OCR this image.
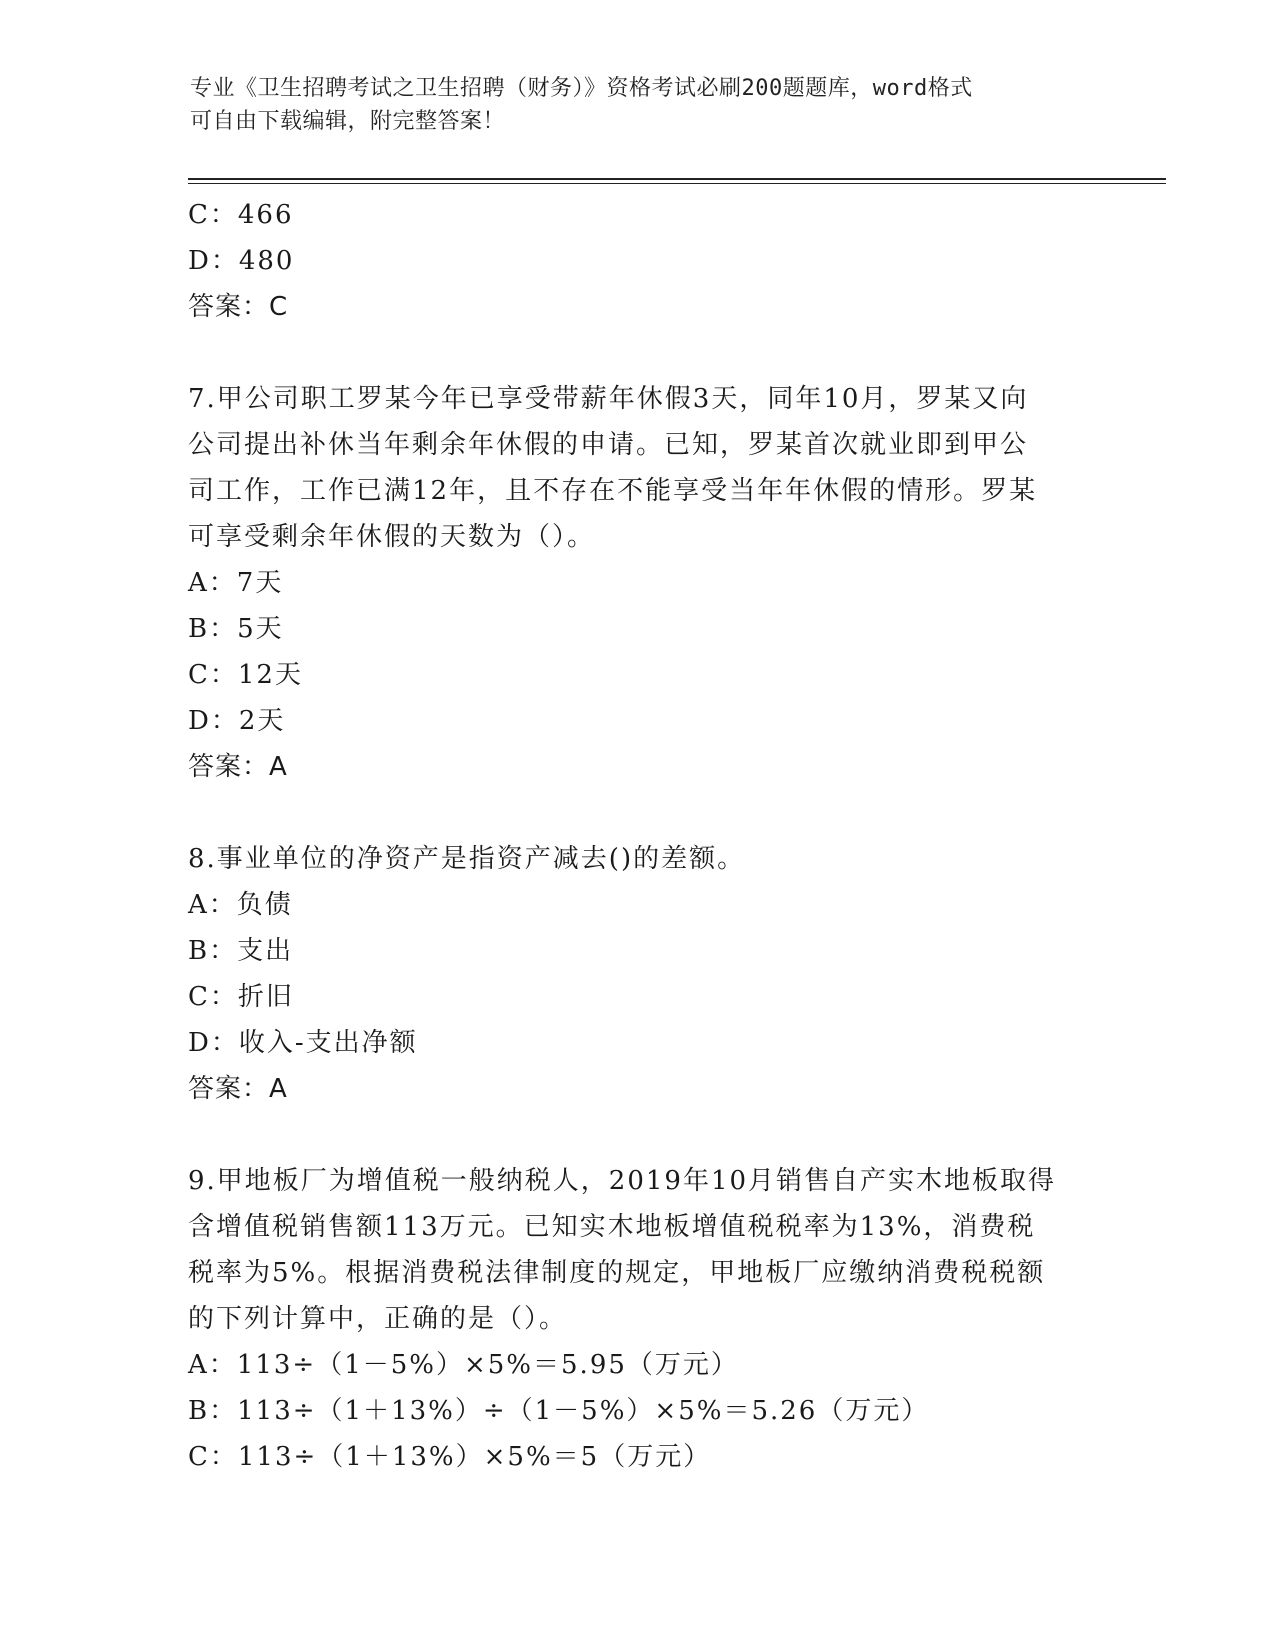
专业《卫生招聘考试之卫生招聘（财务）》资格考试必刷200题题库，word格式
可自由下载编辑，附完整答案！
C：466
D：480
答案：C
7.甲公司职工罗某今年已享受带薪年休假3天，同年10月，罗某又向
公司提出补休当年剩余年休假的申请。已知，罗某首次就业即到甲公
司工作，工作已满12年，且不存在不能享受当年年休假的情形。罗某
可享受剩余年休假的天数为（）。
A：7天
B：5天
C：12天
D：2天
答案：A
8.事业单位的净资产是指资产减去()的差额。
A：负债
B：支出
C：折旧
D：收入-支出净额
答案：A
9.甲地板厂为增值税一般纳税人，2019年10月销售自产实木地板取得
含增值税销售额113万元。已知实木地板增值税税率为13%，消费税
税率为5%。根据消费税法律制度的规定，甲地板厂应缴纳消费税税额
的下列计算中，正确的是（）。
A：113÷（1－5%）×5%＝5.95（万元）
B：113÷（1＋13%）÷（1－5%）×5%＝5.26（万元）
C：113÷（1＋13%）×5%＝5（万元）
